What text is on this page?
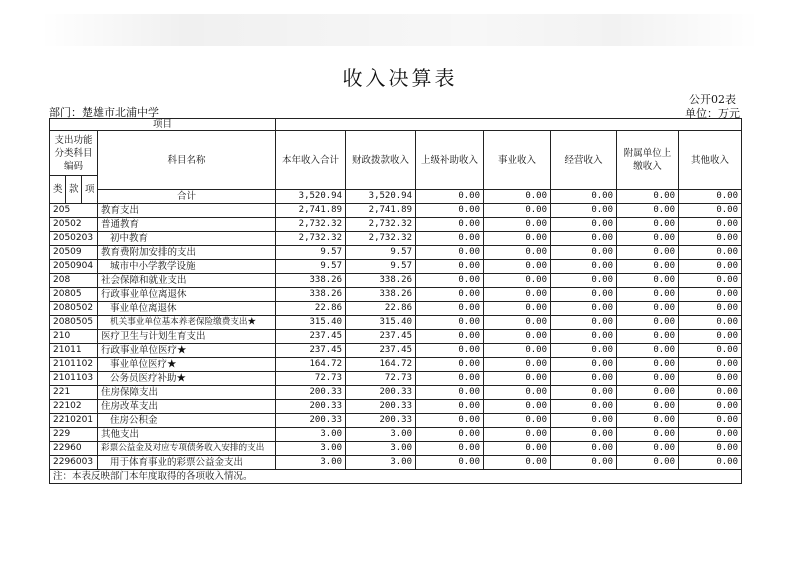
收入决算表
公开02表
部门：楚雄市北浦中学	单位：万元
项目											
支出功能分类科目编码			科目名称	本年收入合计	财政拨款收入	上级补助收入	事业收入	经营收入	附属单位上缴收入	其他收入	
类	款	项								
			合计	3,520.94	3,520.94	0.00	0.00	0.00	0.00	0.00	
205			教育支出	2,741.89	2,741.89	0.00	0.00	0.00	0.00	0.00	
20502			普通教育	2,732.32	2,732.32	0.00	0.00	0.00	0.00	0.00	
2050203			初中教育	2,732.32	2,732.32	0.00	0.00	0.00	0.00	0.00	
20509			教育费附加安排的支出	9.57	9.57	0.00	0.00	0.00	0.00	0.00	
2050904			城市中小学教学设施	9.57	9.57	0.00	0.00	0.00	0.00	0.00	
208			社会保障和就业支出	338.26	338.26	0.00	0.00	0.00	0.00	0.00	
20805			行政事业单位离退休	338.26	338.26	0.00	0.00	0.00	0.00	0.00	
2080502			事业单位离退休	22.86	22.86	0.00	0.00	0.00	0.00	0.00	
2080505			机关事业单位基本养老保险缴费支出★	315.40	315.40	0.00	0.00	0.00	0.00	0.00	
210			医疗卫生与计划生育支出	237.45	237.45	0.00	0.00	0.00	0.00	0.00	
21011			行政事业单位医疗★	237.45	237.45	0.00	0.00	0.00	0.00	0.00	
2101102			事业单位医疗★	164.72	164.72	0.00	0.00	0.00	0.00	0.00	
2101103			公务员医疗补助★	72.73	72.73	0.00	0.00	0.00	0.00	0.00	
221			住房保障支出	200.33	200.33	0.00	0.00	0.00	0.00	0.00	
22102			住房改革支出	200.33	200.33	0.00	0.00	0.00	0.00	0.00	
2210201			住房公积金	200.33	200.33	0.00	0.00	0.00	0.00	0.00	
229			其他支出	3.00	3.00	0.00	0.00	0.00	0.00	0.00	
22960			彩票公益金及对应专项债务收入安排的支出	3.00	3.00	0.00	0.00	0.00	0.00	0.00	
2296003			用于体育事业的彩票公益金支出	3.00	3.00	0.00	0.00	0.00	0.00	0.00	
注：本表反映部门本年度取得的各项收入情况。											
